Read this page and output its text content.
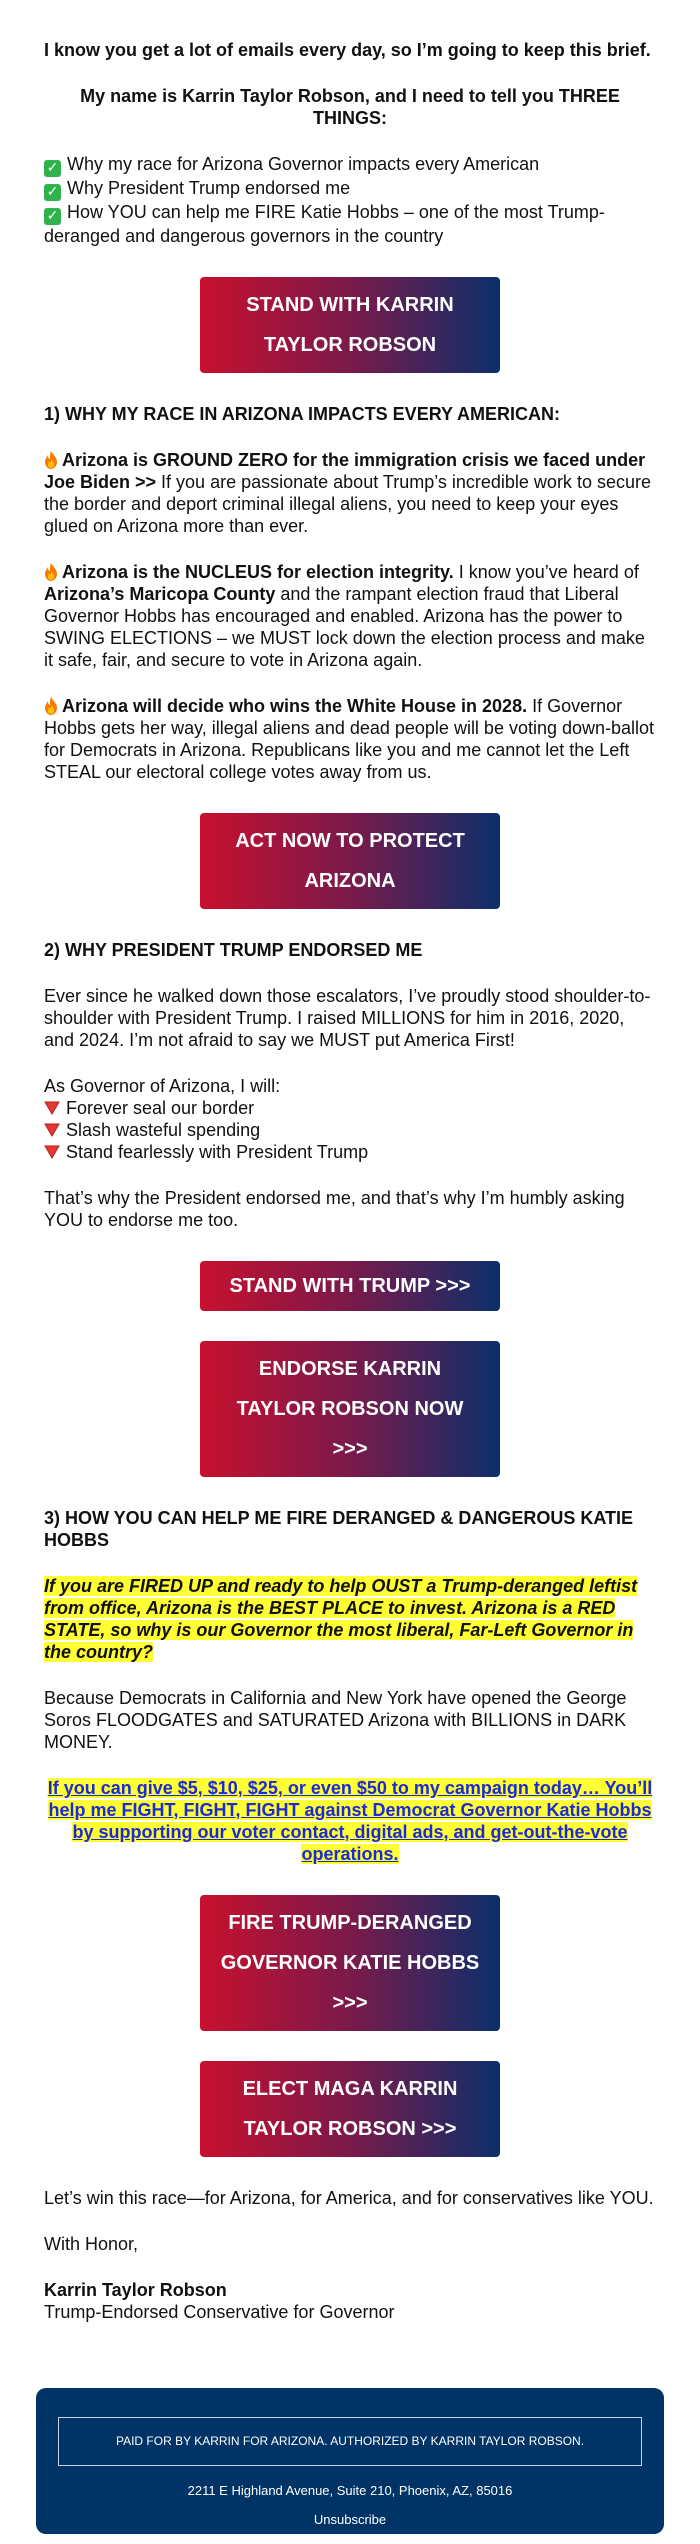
I know you get a lot of emails every day, so I’m going to keep this brief.

My name is Karrin Taylor Robson, and I need to tell you THREE THINGS:

✓ Why my race for Arizona Governor impacts every American
✓ Why President Trump endorsed me
✓ How YOU can help me FIRE Katie Hobbs – one of the most Trump-deranged and dangerous governors in the country
STAND WITH KARRIN
TAYLOR ROBSON

1) WHY MY RACE IN ARIZONA IMPACTS EVERY AMERICAN:

Arizona is GROUND ZERO for the immigration crisis we faced under Joe Biden >> If you are passionate about Trump’s incredible work to secure the border and deport criminal illegal aliens, you need to keep your eyes glued on Arizona more than ever.

Arizona is the NUCLEUS for election integrity. I know you’ve heard of Arizona’s Maricopa County and the rampant election fraud that Liberal Governor Hobbs has encouraged and enabled. Arizona has the power to SWING ELECTIONS – we MUST lock down the election process and make it safe, fair, and secure to vote in Arizona again.

Arizona will decide who wins the White House in 2028. If Governor Hobbs gets her way, illegal aliens and dead people will be voting down-ballot for Democrats in Arizona. Republicans like you and me cannot let the Left STEAL our electoral college votes away from us.

ACT NOW TO PROTECT
ARIZONA

2) WHY PRESIDENT TRUMP ENDORSED ME

Ever since he walked down those escalators, I’ve proudly stood shoulder-to-shoulder with President Trump. I raised MILLIONS for him in 2016, 2020, and 2024. I’m not afraid to say we MUST put America First!

As Governor of Arizona, I will:
Forever seal our border
Slash wasteful spending
Stand fearlessly with President Trump

That’s why the President endorsed me, and that’s why I’m humbly asking YOU to endorse me too.

STAND WITH TRUMP >>>
ENDORSE KARRIN
TAYLOR ROBSON NOW
>>>

3) HOW YOU CAN HELP ME FIRE DERANGED & DANGEROUS KATIE HOBBS

If you are FIRED UP and ready to help OUST a Trump-deranged leftist from office, Arizona is the BEST PLACE to invest. Arizona is a RED STATE, so why is our Governor the most liberal, Far-Left Governor in the country?

Because Democrats in California and New York have opened the George Soros FLOODGATES and SATURATED Arizona with BILLIONS in DARK MONEY.

If you can give $5, $10, $25, or even $50 to my campaign today… You’ll help me FIGHT, FIGHT, FIGHT against Democrat Governor Katie Hobbs by supporting our voter contact, digital ads, and get-out-the-vote operations.

FIRE TRUMP-DERANGED
GOVERNOR KATIE HOBBS
>>>
ELECT MAGA KARRIN
TAYLOR ROBSON >>>

Let’s win this race—for Arizona, for America, and for conservatives like YOU.

With Honor,

Karrin Taylor Robson

Trump-Endorsed Conservative for Governor

PAID FOR BY KARRIN FOR ARIZONA. AUTHORIZED BY KARRIN TAYLOR ROBSON.
2211 E Highland Avenue, Suite 210, Phoenix, AZ, 85016
Unsubscribe
